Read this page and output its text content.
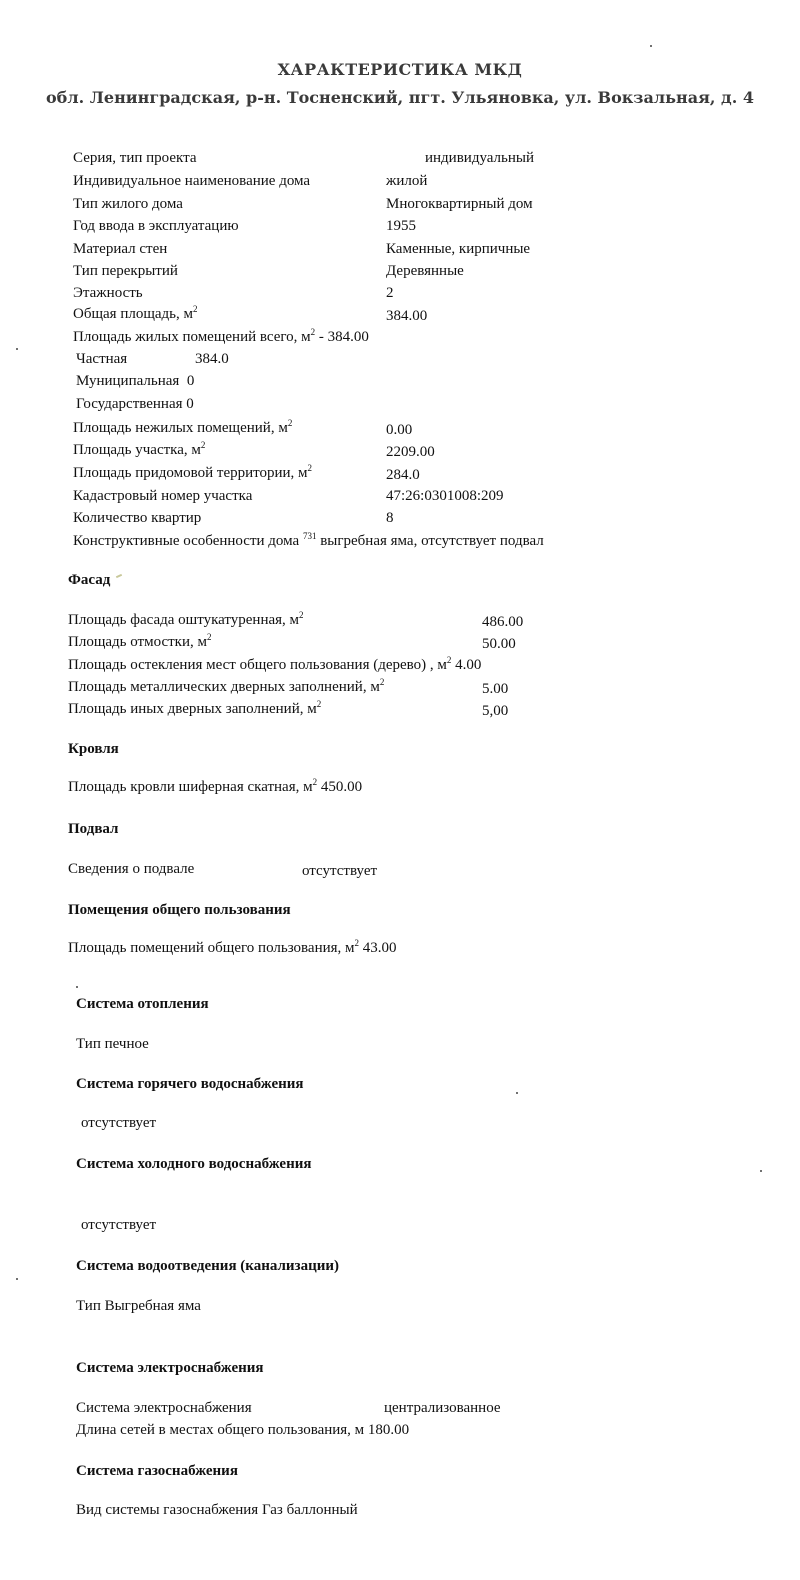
ХАРАКТЕРИСТИКА МКД
обл. Ленинградская, р-н. Тосненский, пгт. Ульяновка, ул. Вокзальная, д. 4
Серия, тип проекта	индивидуальный
Индивидуальное наименование дома	жилой
Тип жилого дома	Многоквартирный дом
Год ввода в эксплуатацию	1955
Материал стен	Каменные, кирпичные
Тип перекрытий	Деревянные
Этажность	2
Общая площадь, $м^2$	384.00
Площадь жилых помещений всего, $м^2 - 384.00$
Частная	384.0
Муниципальная 0
Государственная 0
Площадь нежилых помещений, $м^2$	0.00
Площадь участка, $м^2$	2209.00
Площадь придомовой территории, $м^2$	284.0
Кадастровый номер участка	47:26:0301008:209
Количество квартир	8
Конструктивные особенности дома $^{731}$ выгребная яма, отсутствует подвал
Фасад
Площадь фасада оштукатуренная, $м^2$	486.00
Площадь отмостки, $м^2$	50.00
Площадь остекления мест общего пользования (дерево) , $м^2$ 4.00
Площадь металлических дверных заполнений, $м^2$	5.00
Площадь иных дверных заполнений, $м^2$	5,00
Кровля
Площадь кровли шиферная скатная, $м^2$ 450.00
Подвал
Сведения о подвале	отсутствует
Помещения общего пользования
Площадь помещений общего пользования, $м^2$ 43.00
Система отопления
Тип печное
Система горячего водоснабжения
отсутствует
Система холодного водоснабжения
отсутствует
Система водоотведения (канализации)
Тип Выгребная яма
Система электроснабжения
Система электроснабжения	централизованное
Длина сетей в местах общего пользования, м 180.00
Система газоснабжения
Вид системы газоснабжения Газ баллонный
